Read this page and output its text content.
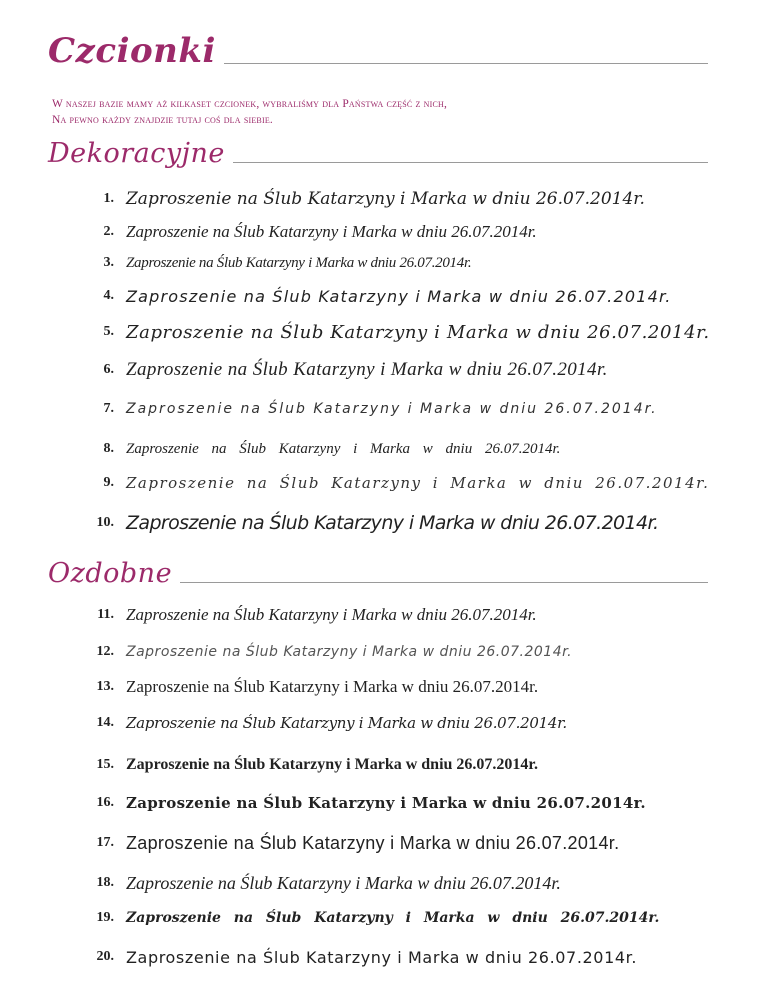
Czcionki
W naszej bazie mamy aż kilkaset czcionek, wybraliśmy dla Państwa część z nich,
Na pewno każdy znajdzie tutaj coś dla siebie.
Dekoracyjne
1. Zaproszenie na Ślub Katarzyny i Marka w dniu 26.07.2014r.
2. Zaproszenie na Ślub Katarzyny i Marka w dniu 26.07.2014r.
3. Zaproszenie na Ślub Katarzyny i Marka w dniu 26.07.2014r.
4. Zaproszenie na Ślub Katarzyny i Marka w dniu 26.07.2014r.
5. Zaproszenie na Ślub Katarzyny i Marka w dniu 26.07.2014r.
6. Zaproszenie na Ślub Katarzyny i Marka w dniu 26.07.2014r.
7. Zaproszenie na Ślub Katarzyny i Marka w dniu 26.07.2014r.
8. Zaproszenie na Ślub Katarzyny i Marka w dniu 26.07.2014r.
9. Zaproszenie na Ślub Katarzyny i Marka w dniu 26.07.2014r.
10. Zaproszenie na Ślub Katarzyny i Marka w dniu 26.07.2014r.
Ozdobne
11. Zaproszenie na Ślub Katarzyny i Marka w dniu 26.07.2014r.
12. Zaproszenie na Ślub Katarzyny i Marka w dniu 26.07.2014r.
13. Zaproszenie na Ślub Katarzyny i Marka w dniu 26.07.2014r.
14. Zaproszenie na Ślub Katarzyny i Marka w dniu 26.07.2014r.
15. Zaproszenie na Ślub Katarzyny i Marka w dniu 26.07.2014r.
16. Zaproszenie na Ślub Katarzyny i Marka w dniu 26.07.2014r.
17. Zaproszenie na Ślub Katarzyny i Marka w dniu 26.07.2014r.
18. Zaproszenie na Ślub Katarzyny i Marka w dniu 26.07.2014r.
19. Zaproszenie na Ślub Katarzyny i Marka w dniu 26.07.2014r.
20. Zaproszenie na Ślub Katarzyny i Marka w dniu 26.07.2014r.
